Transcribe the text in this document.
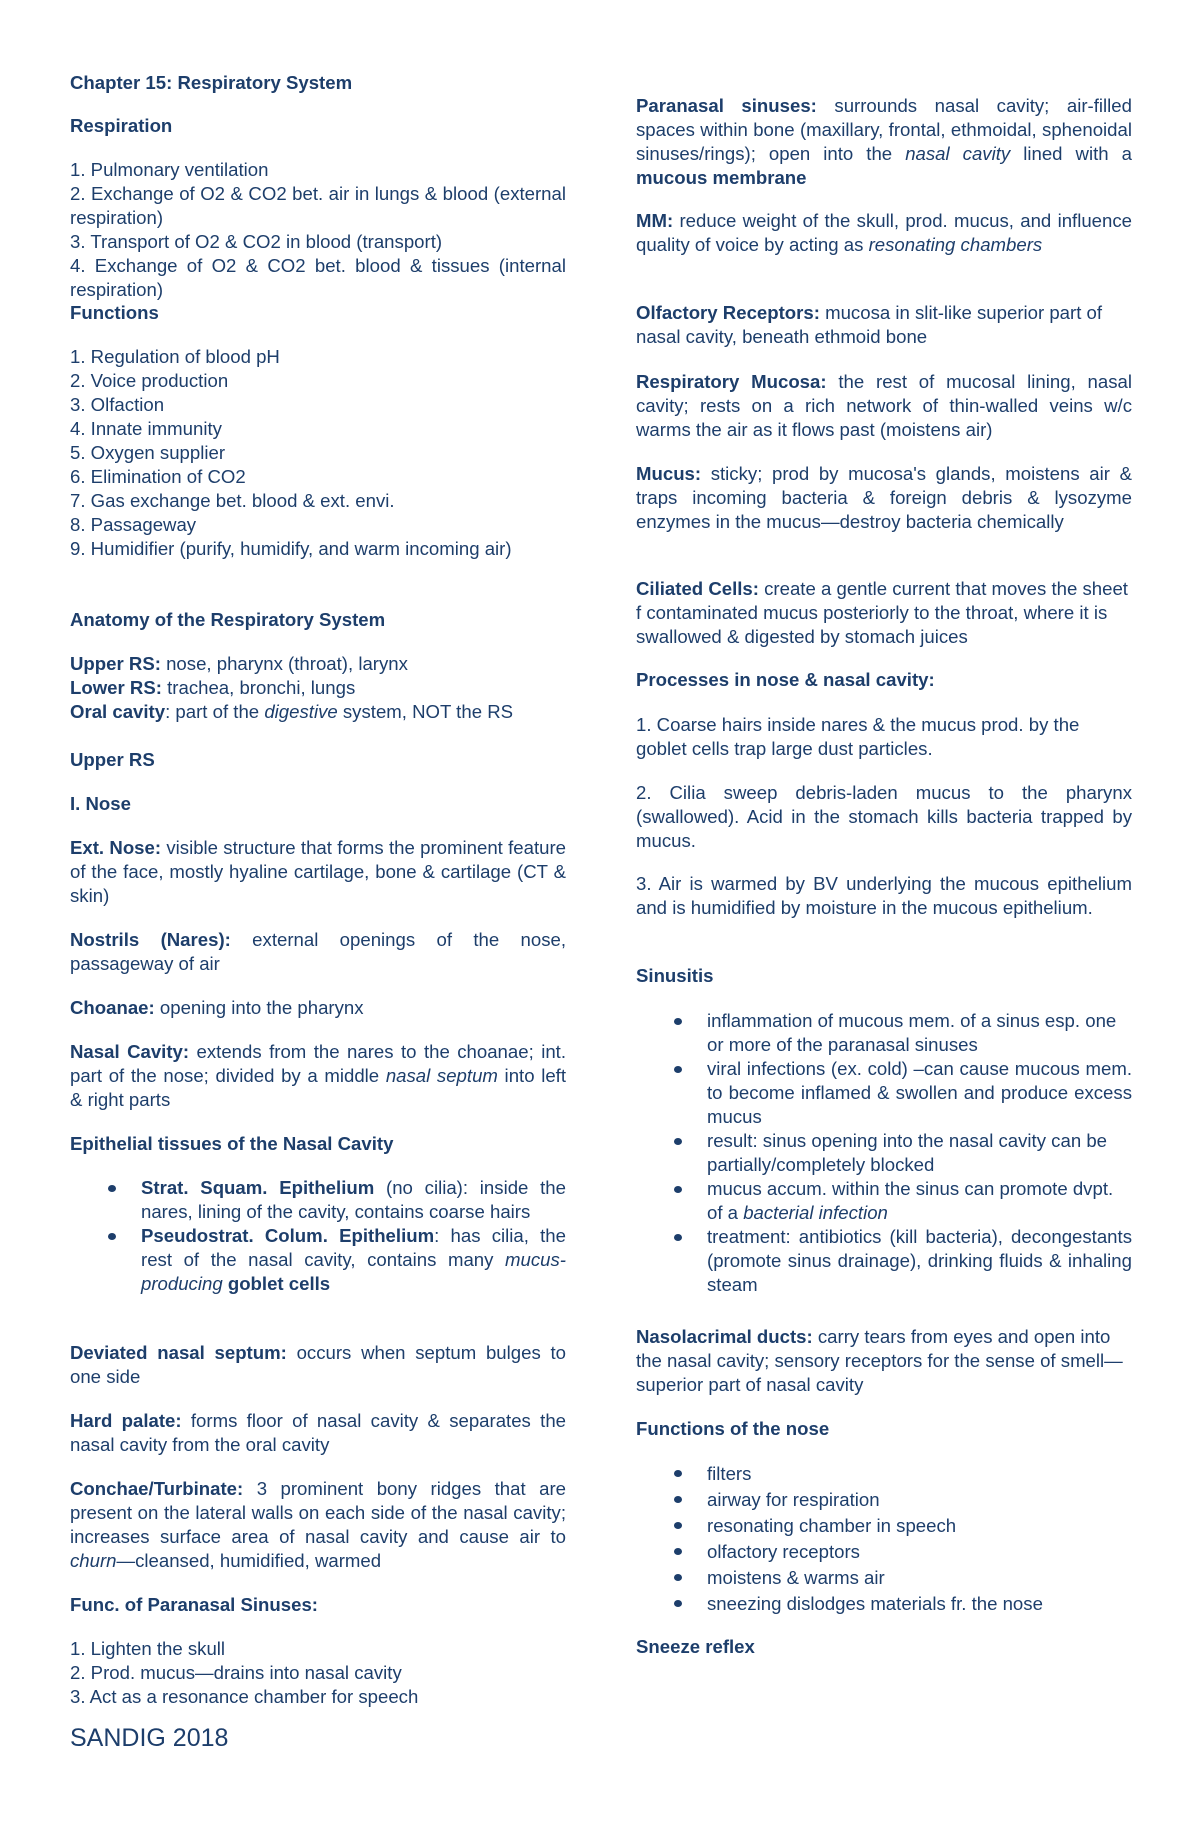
Chapter 15: Respiratory System

Respiration

1. Pulmonary ventilation

2. Exchange of O2 & CO2 bet. air in lungs & blood (external respiration)

3. Transport of O2 & CO2 in blood (transport)

4. Exchange of O2 & CO2 bet. blood & tissues (internal respiration)

Functions

1. Regulation of blood pH

2. Voice production

3. Olfaction

4. Innate immunity

5. Oxygen supplier

6. Elimination of CO2

7. Gas exchange bet. blood & ext. envi.

8. Passageway

9. Humidifier (purify, humidify, and warm incoming air)

Anatomy of the Respiratory System

Upper RS: nose, pharynx (throat), larynx

Lower RS: trachea, bronchi, lungs

Oral cavity: part of the digestive system, NOT the RS

Upper RS

I. Nose

Ext. Nose: visible structure that forms the prominent feature of the face, mostly hyaline cartilage, bone & cartilage (CT & skin)

Nostrils (Nares): external openings of the nose, passageway of air

Choanae: opening into the pharynx

Nasal Cavity: extends from the nares to the choanae; int. part of the nose; divided by a middle nasal septum into left & right parts

Epithelial tissues of the Nasal Cavity

Strat. Squam. Epithelium (no cilia): inside the nares, lining of the cavity, contains coarse hairs
Pseudostrat. Colum. Epithelium: has cilia, the rest of the nasal cavity, contains many mucus-producing goblet cells

Deviated nasal septum: occurs when septum bulges to one side

Hard palate: forms floor of nasal cavity & separates the nasal cavity from the oral cavity

Conchae/Turbinate: 3 prominent bony ridges that are present on the lateral walls on each side of the nasal cavity; increases surface area of nasal cavity and cause air to churn—cleansed, humidified, warmed

Func. of Paranasal Sinuses:

1. Lighten the skull

2. Prod. mucus—drains into nasal cavity

3. Act as a resonance chamber for speech

Paranasal sinuses: surrounds nasal cavity; air-filled spaces within bone (maxillary, frontal, ethmoidal, sphenoidal sinuses/rings); open into the nasal cavity lined with a mucous membrane

MM: reduce weight of the skull, prod. mucus, and influence quality of voice by acting as resonating chambers

Olfactory Receptors: mucosa in slit-like superior part of nasal cavity, beneath ethmoid bone

Respiratory Mucosa: the rest of mucosal lining, nasal cavity; rests on a rich network of thin-walled veins w/c warms the air as it flows past (moistens air)

Mucus: sticky; prod by mucosa's glands, moistens air & traps incoming bacteria & foreign debris & lysozyme enzymes in the mucus—destroy bacteria chemically

Ciliated Cells: create a gentle current that moves the sheet f contaminated mucus posteriorly to the throat, where it is swallowed & digested by stomach juices

Processes in nose & nasal cavity:

1. Coarse hairs inside nares & the mucus prod. by the goblet cells trap large dust particles.

2. Cilia sweep debris-laden mucus to the pharynx (swallowed). Acid in the stomach kills bacteria trapped by mucus.

3. Air is warmed by BV underlying the mucous epithelium and is humidified by moisture in the mucous epithelium.

Sinusitis

inflammation of mucous mem. of a sinus esp. one or more of the paranasal sinuses
viral infections (ex. cold) –can cause mucous mem. to become inflamed & swollen and produce excess mucus
result: sinus opening into the nasal cavity can be partially/completely blocked
mucus accum. within the sinus can promote dvpt. of a bacterial infection
treatment: antibiotics (kill bacteria), decongestants (promote sinus drainage), drinking fluids & inhaling steam

Nasolacrimal ducts: carry tears from eyes and open into the nasal cavity; sensory receptors for the sense of smell—superior part of nasal cavity

Functions of the nose

filters
airway for respiration
resonating chamber in speech
olfactory receptors
moistens & warms air
sneezing dislodges materials fr. the nose

Sneeze reflex

SANDIG 2018
